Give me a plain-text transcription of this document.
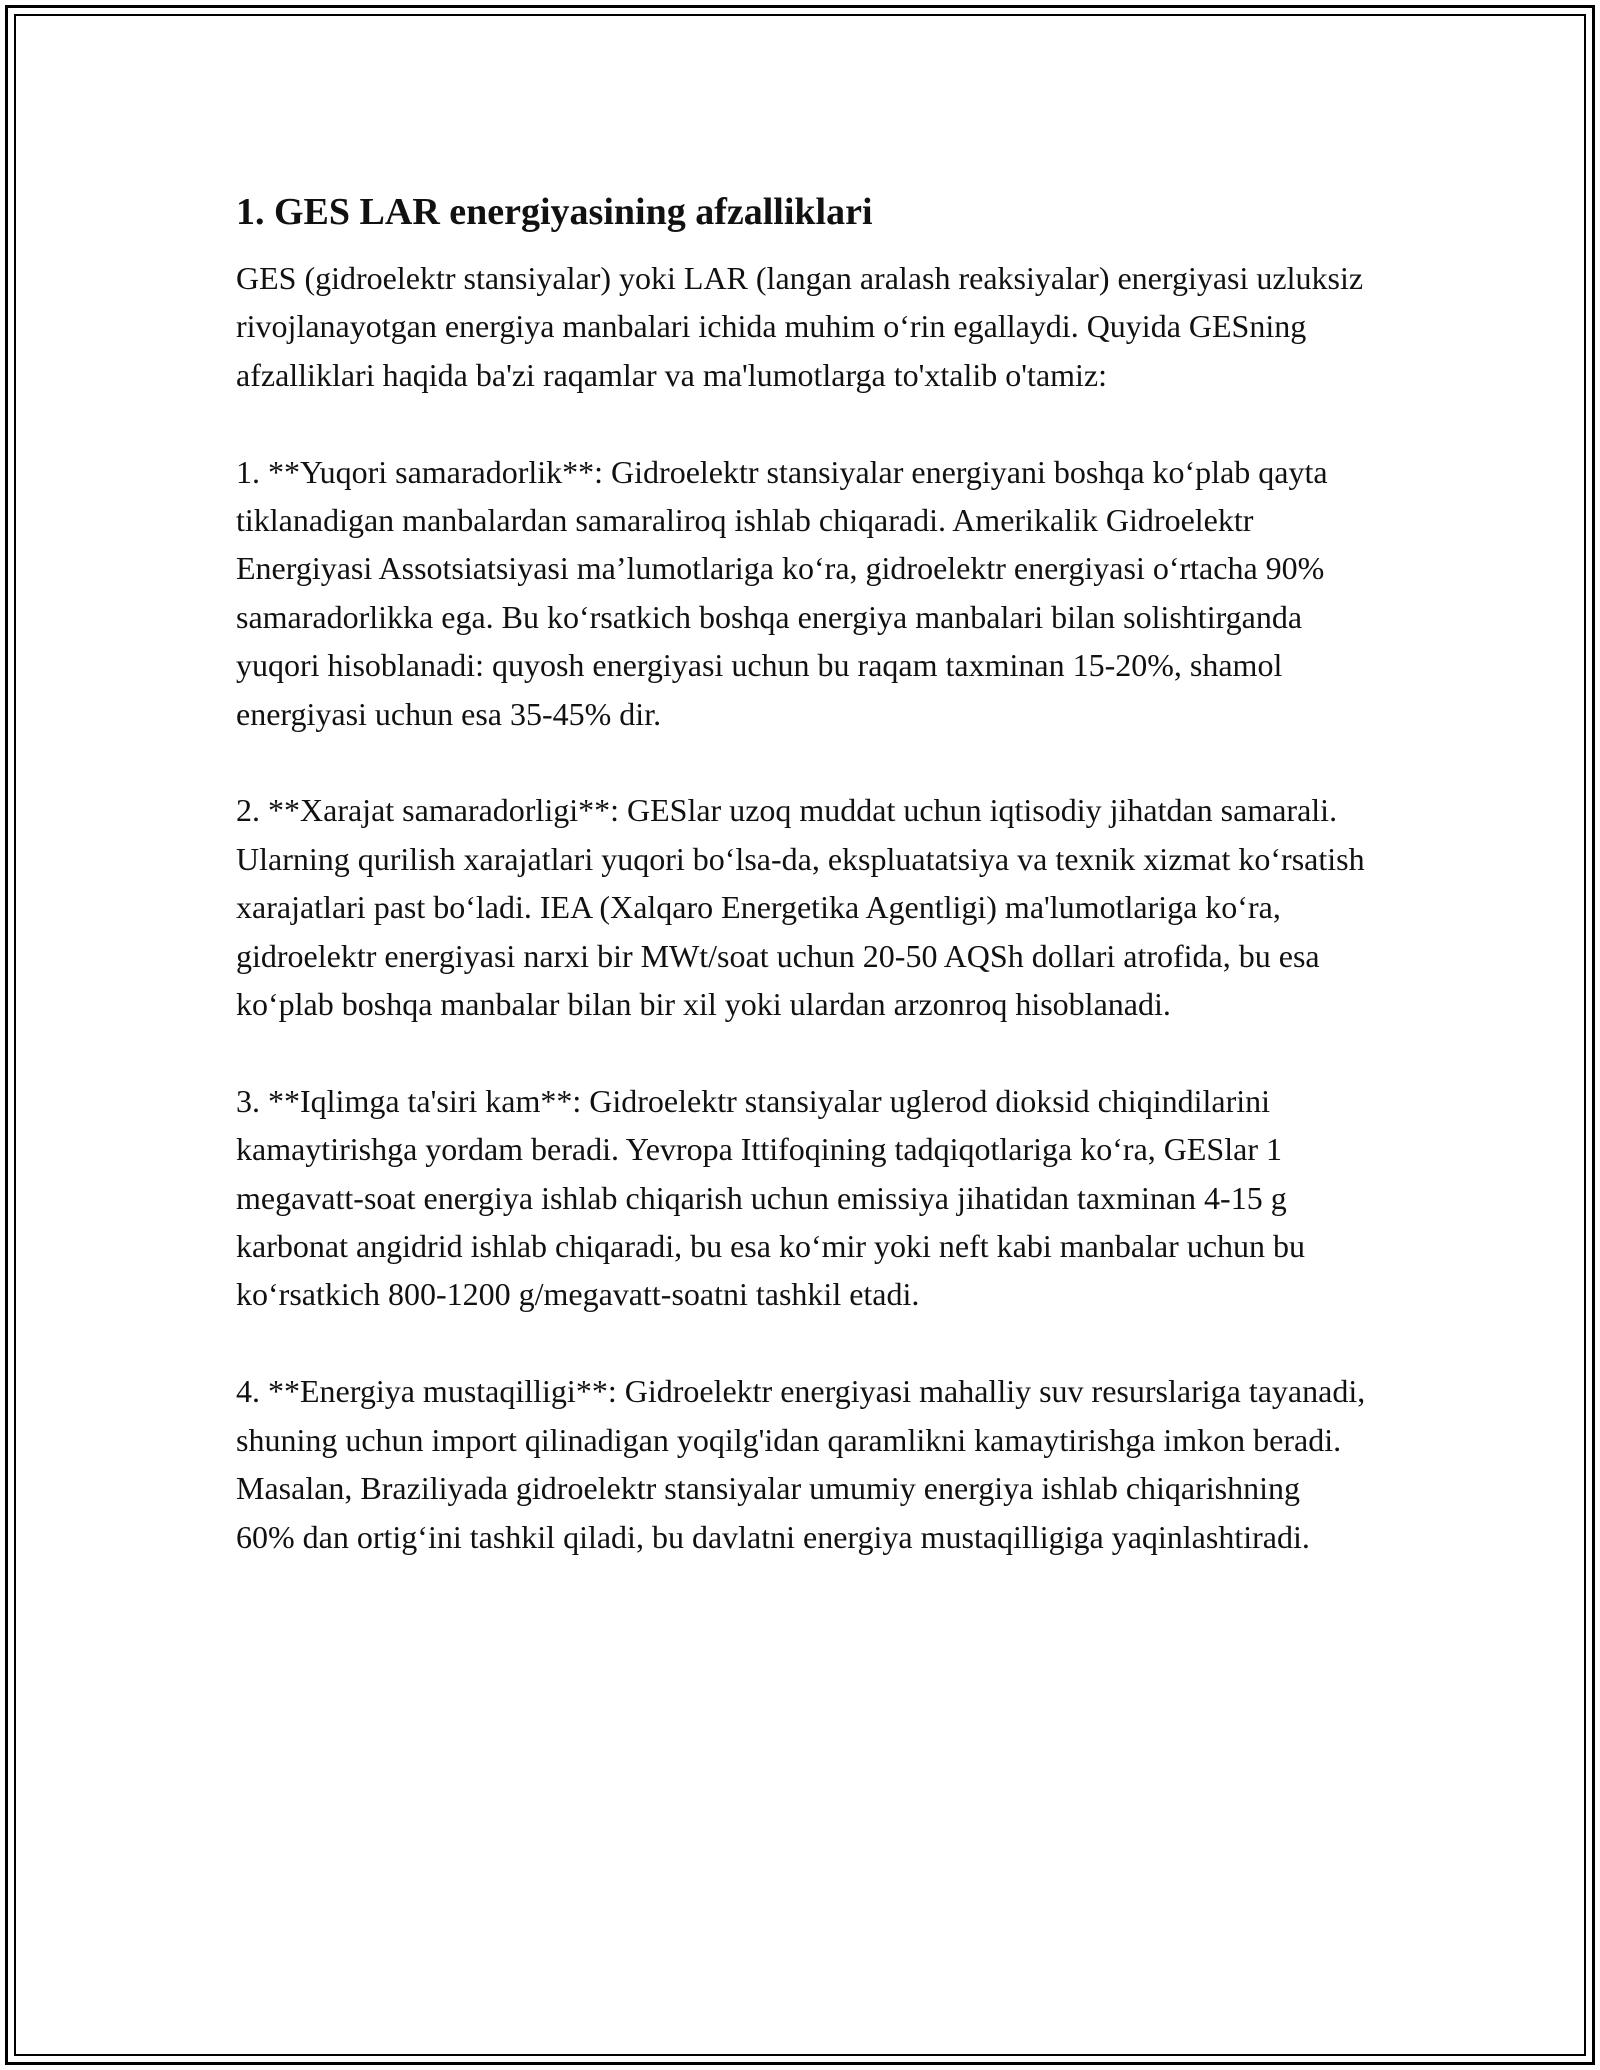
1. GES LAR energiyasining afzalliklari

GES (gidroelektr stansiyalar) yoki LAR (langan aralash reaksiyalar) energiyasi uzluksiz rivojlanayotgan energiya manbalari ichida muhim o‘rin egallaydi. Quyida GESning afzalliklari haqida ba'zi raqamlar va ma'lumotlarga to'xtalib o'tamiz:

1. **Yuqori samaradorlik**: Gidroelektr stansiyalar energiyani boshqa ko‘plab qayta tiklanadigan manbalardan samaraliroq ishlab chiqaradi. Amerikalik Gidroelektr Energiyasi Assotsiatsiyasi ma’lumotlariga ko‘ra, gidroelektr energiyasi o‘rtacha 90% samaradorlikka ega. Bu ko‘rsatkich boshqa energiya manbalari bilan solishtirganda yuqori hisoblanadi: quyosh energiyasi uchun bu raqam taxminan 15-20%, shamol energiyasi uchun esa 35-45% dir.

2. **Xarajat samaradorligi**: GESlar uzoq muddat uchun iqtisodiy jihatdan samarali. Ularning qurilish xarajatlari yuqori bo‘lsa-da, ekspluatatsiya va texnik xizmat ko‘rsatish xarajatlari past bo‘ladi. IEA (Xalqaro Energetika Agentligi) ma'lumotlariga ko‘ra, gidroelektr energiyasi narxi bir MWt/soat uchun 20-50 AQSh dollari atrofida, bu esa ko‘plab boshqa manbalar bilan bir xil yoki ulardan arzonroq hisoblanadi.

3. **Iqlimga ta'siri kam**: Gidroelektr stansiyalar uglerod dioksid chiqindilarini kamaytirishga yordam beradi. Yevropa Ittifoqining tadqiqotlariga ko‘ra, GESlar 1 megavatt-soat energiya ishlab chiqarish uchun emissiya jihatidan taxminan 4-15 g karbonat angidrid ishlab chiqaradi, bu esa ko‘mir yoki neft kabi manbalar uchun bu ko‘rsatkich 800-1200 g/megavatt-soatni tashkil etadi.

4. **Energiya mustaqilligi**: Gidroelektr energiyasi mahalliy suv resurslariga tayanadi, shuning uchun import qilinadigan yoqilg'idan qaramlikni kamaytirishga imkon beradi. Masalan, Braziliyada gidroelektr stansiyalar umumiy energiya ishlab chiqarishning 60% dan ortig‘ini tashkil qiladi, bu davlatni energiya mustaqilligiga yaqinlashtiradi.
